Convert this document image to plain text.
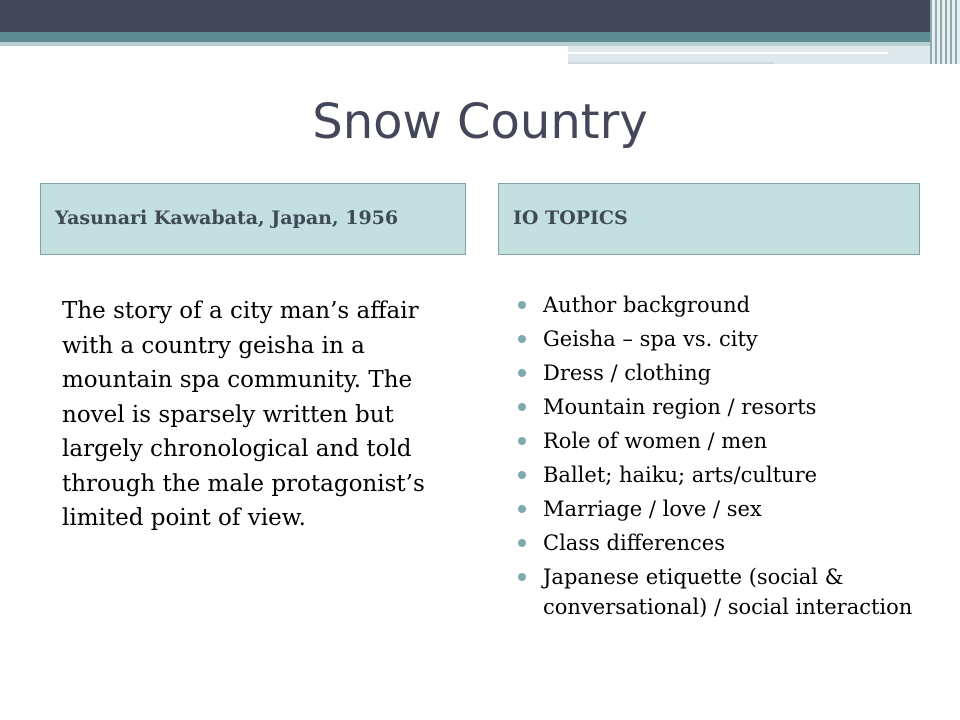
Snow Country
Yasunari Kawabata, Japan, 1956	IO TOPICS

The story of a city man’s affair with a country geisha in a mountain spa community. The novel is sparsely written but largely chronological and told through the male protagonist’s limited point of view.

Author background
Geisha – spa vs. city
Dress / clothing
Mountain region / resorts
Role of women / men
Ballet; haiku; arts/culture
Marriage / love / sex
Class differences
Japanese etiquette (social & conversational) / social interaction
